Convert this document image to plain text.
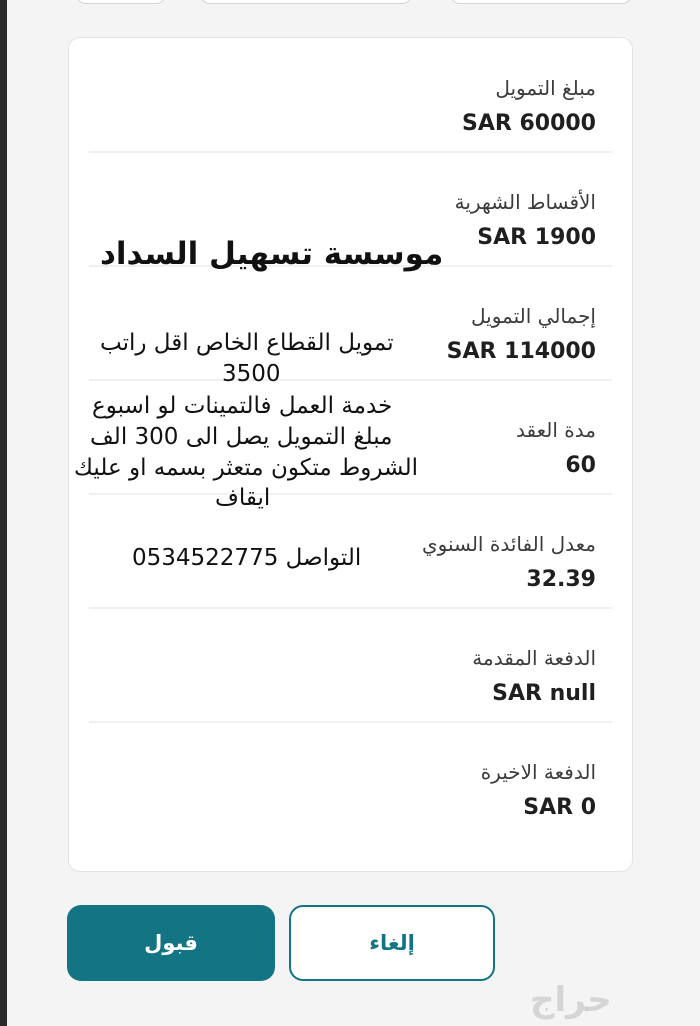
مبلغ التمويل
SAR 60000
الأقساط الشهرية
SAR 1900
إجمالي التمويل
SAR 114000
مدة العقد
60
معدل الفائدة السنوي
32.39
الدفعة المقدمة
SAR null
الدفعة الاخيرة
SAR 0
موسسة تسهيل السداد
تمويل القطاع الخاص اقل راتب
3500
خدمة العمل فالتمينات لو اسبوع
مبلغ التمويل يصل الى 300 الف
الشروط متكون متعثر بسمه او عليك
ايقاف
التواصل 0534522775
قبول	إلغاء
حراج
